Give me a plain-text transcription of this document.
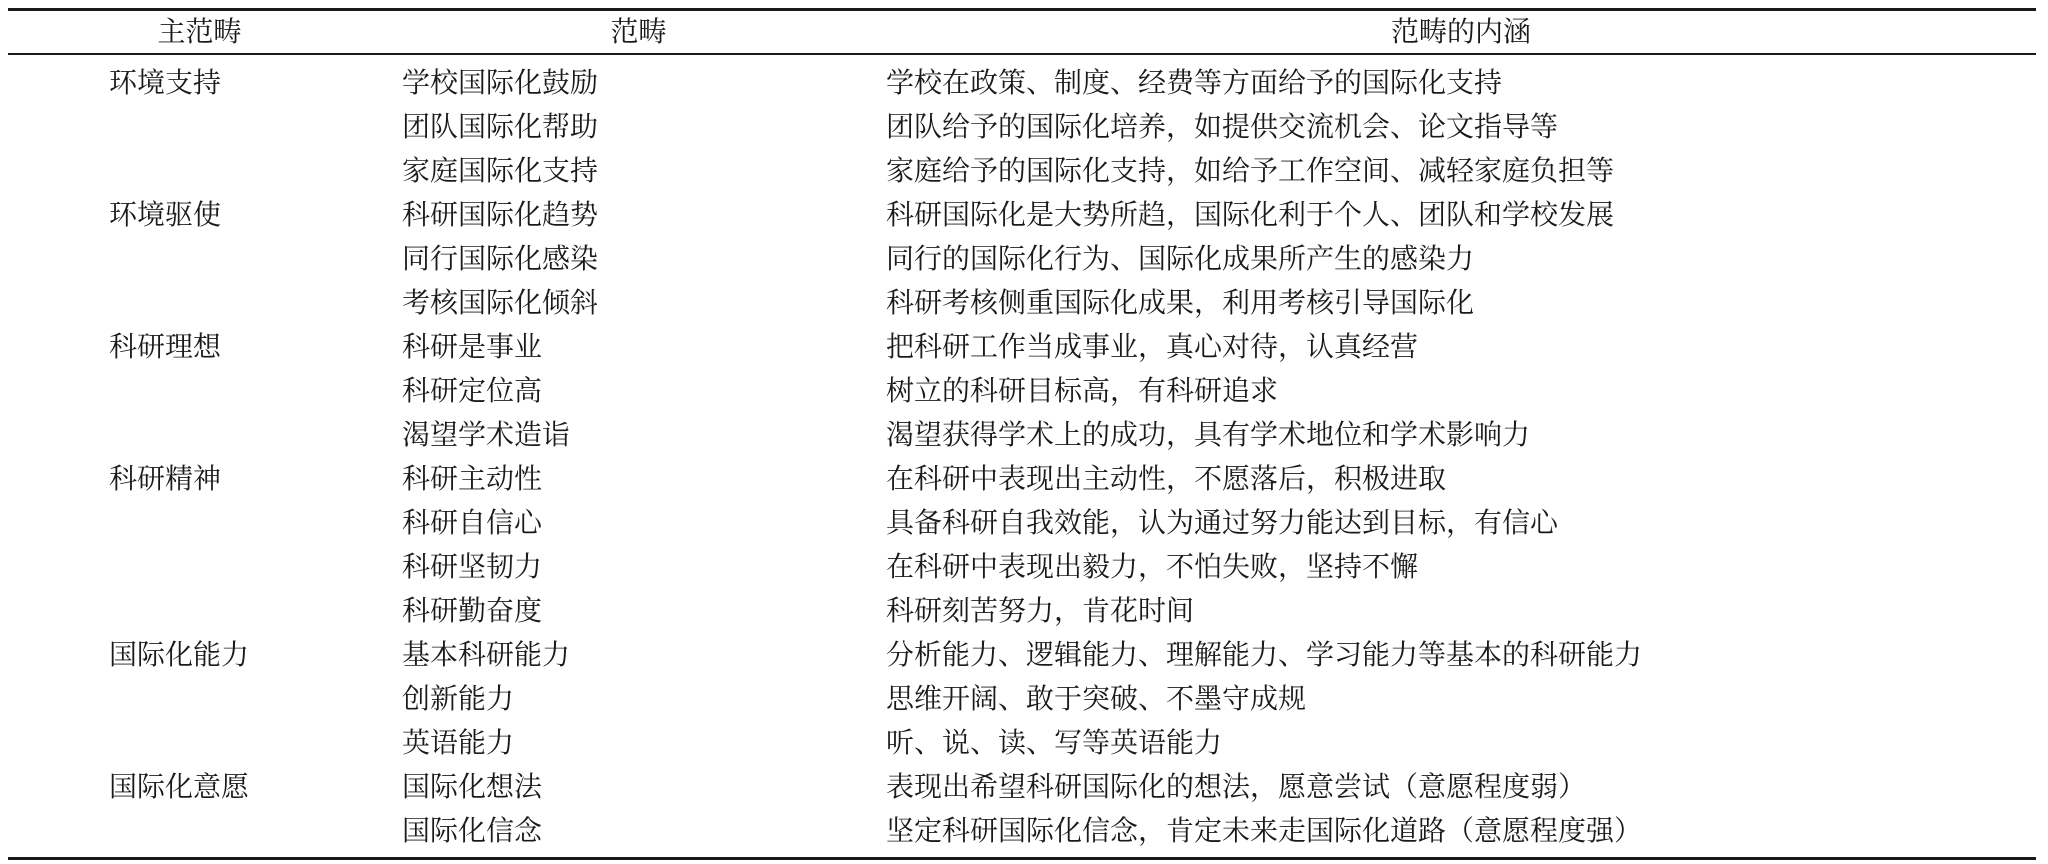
主范畴	范畴	范畴的内涵
环境支持	学校国际化鼓励	学校在政策、制度、经费等方面给予的国际化支持
	团队国际化帮助	团队给予的国际化培养，如提供交流机会、论文指导等
	家庭国际化支持	家庭给予的国际化支持，如给予工作空间、减轻家庭负担等
环境驱使	科研国际化趋势	科研国际化是大势所趋，国际化利于个人、团队和学校发展
	同行国际化感染	同行的国际化行为、国际化成果所产生的感染力
	考核国际化倾斜	科研考核侧重国际化成果，利用考核引导国际化
科研理想	科研是事业	把科研工作当成事业，真心对待，认真经营
	科研定位高	树立的科研目标高，有科研追求
	渴望学术造诣	渴望获得学术上的成功，具有学术地位和学术影响力
科研精神	科研主动性	在科研中表现出主动性，不愿落后，积极进取
	科研自信心	具备科研自我效能，认为通过努力能达到目标，有信心
	科研坚韧力	在科研中表现出毅力，不怕失败，坚持不懈
	科研勤奋度	科研刻苦努力，肯花时间
国际化能力	基本科研能力	分析能力、逻辑能力、理解能力、学习能力等基本的科研能力
	创新能力	思维开阔、敢于突破、不墨守成规
	英语能力	听、说、读、写等英语能力
国际化意愿	国际化想法	表现出希望科研国际化的想法，愿意尝试（意愿程度弱）
	国际化信念	坚定科研国际化信念，肯定未来走国际化道路（意愿程度强）
